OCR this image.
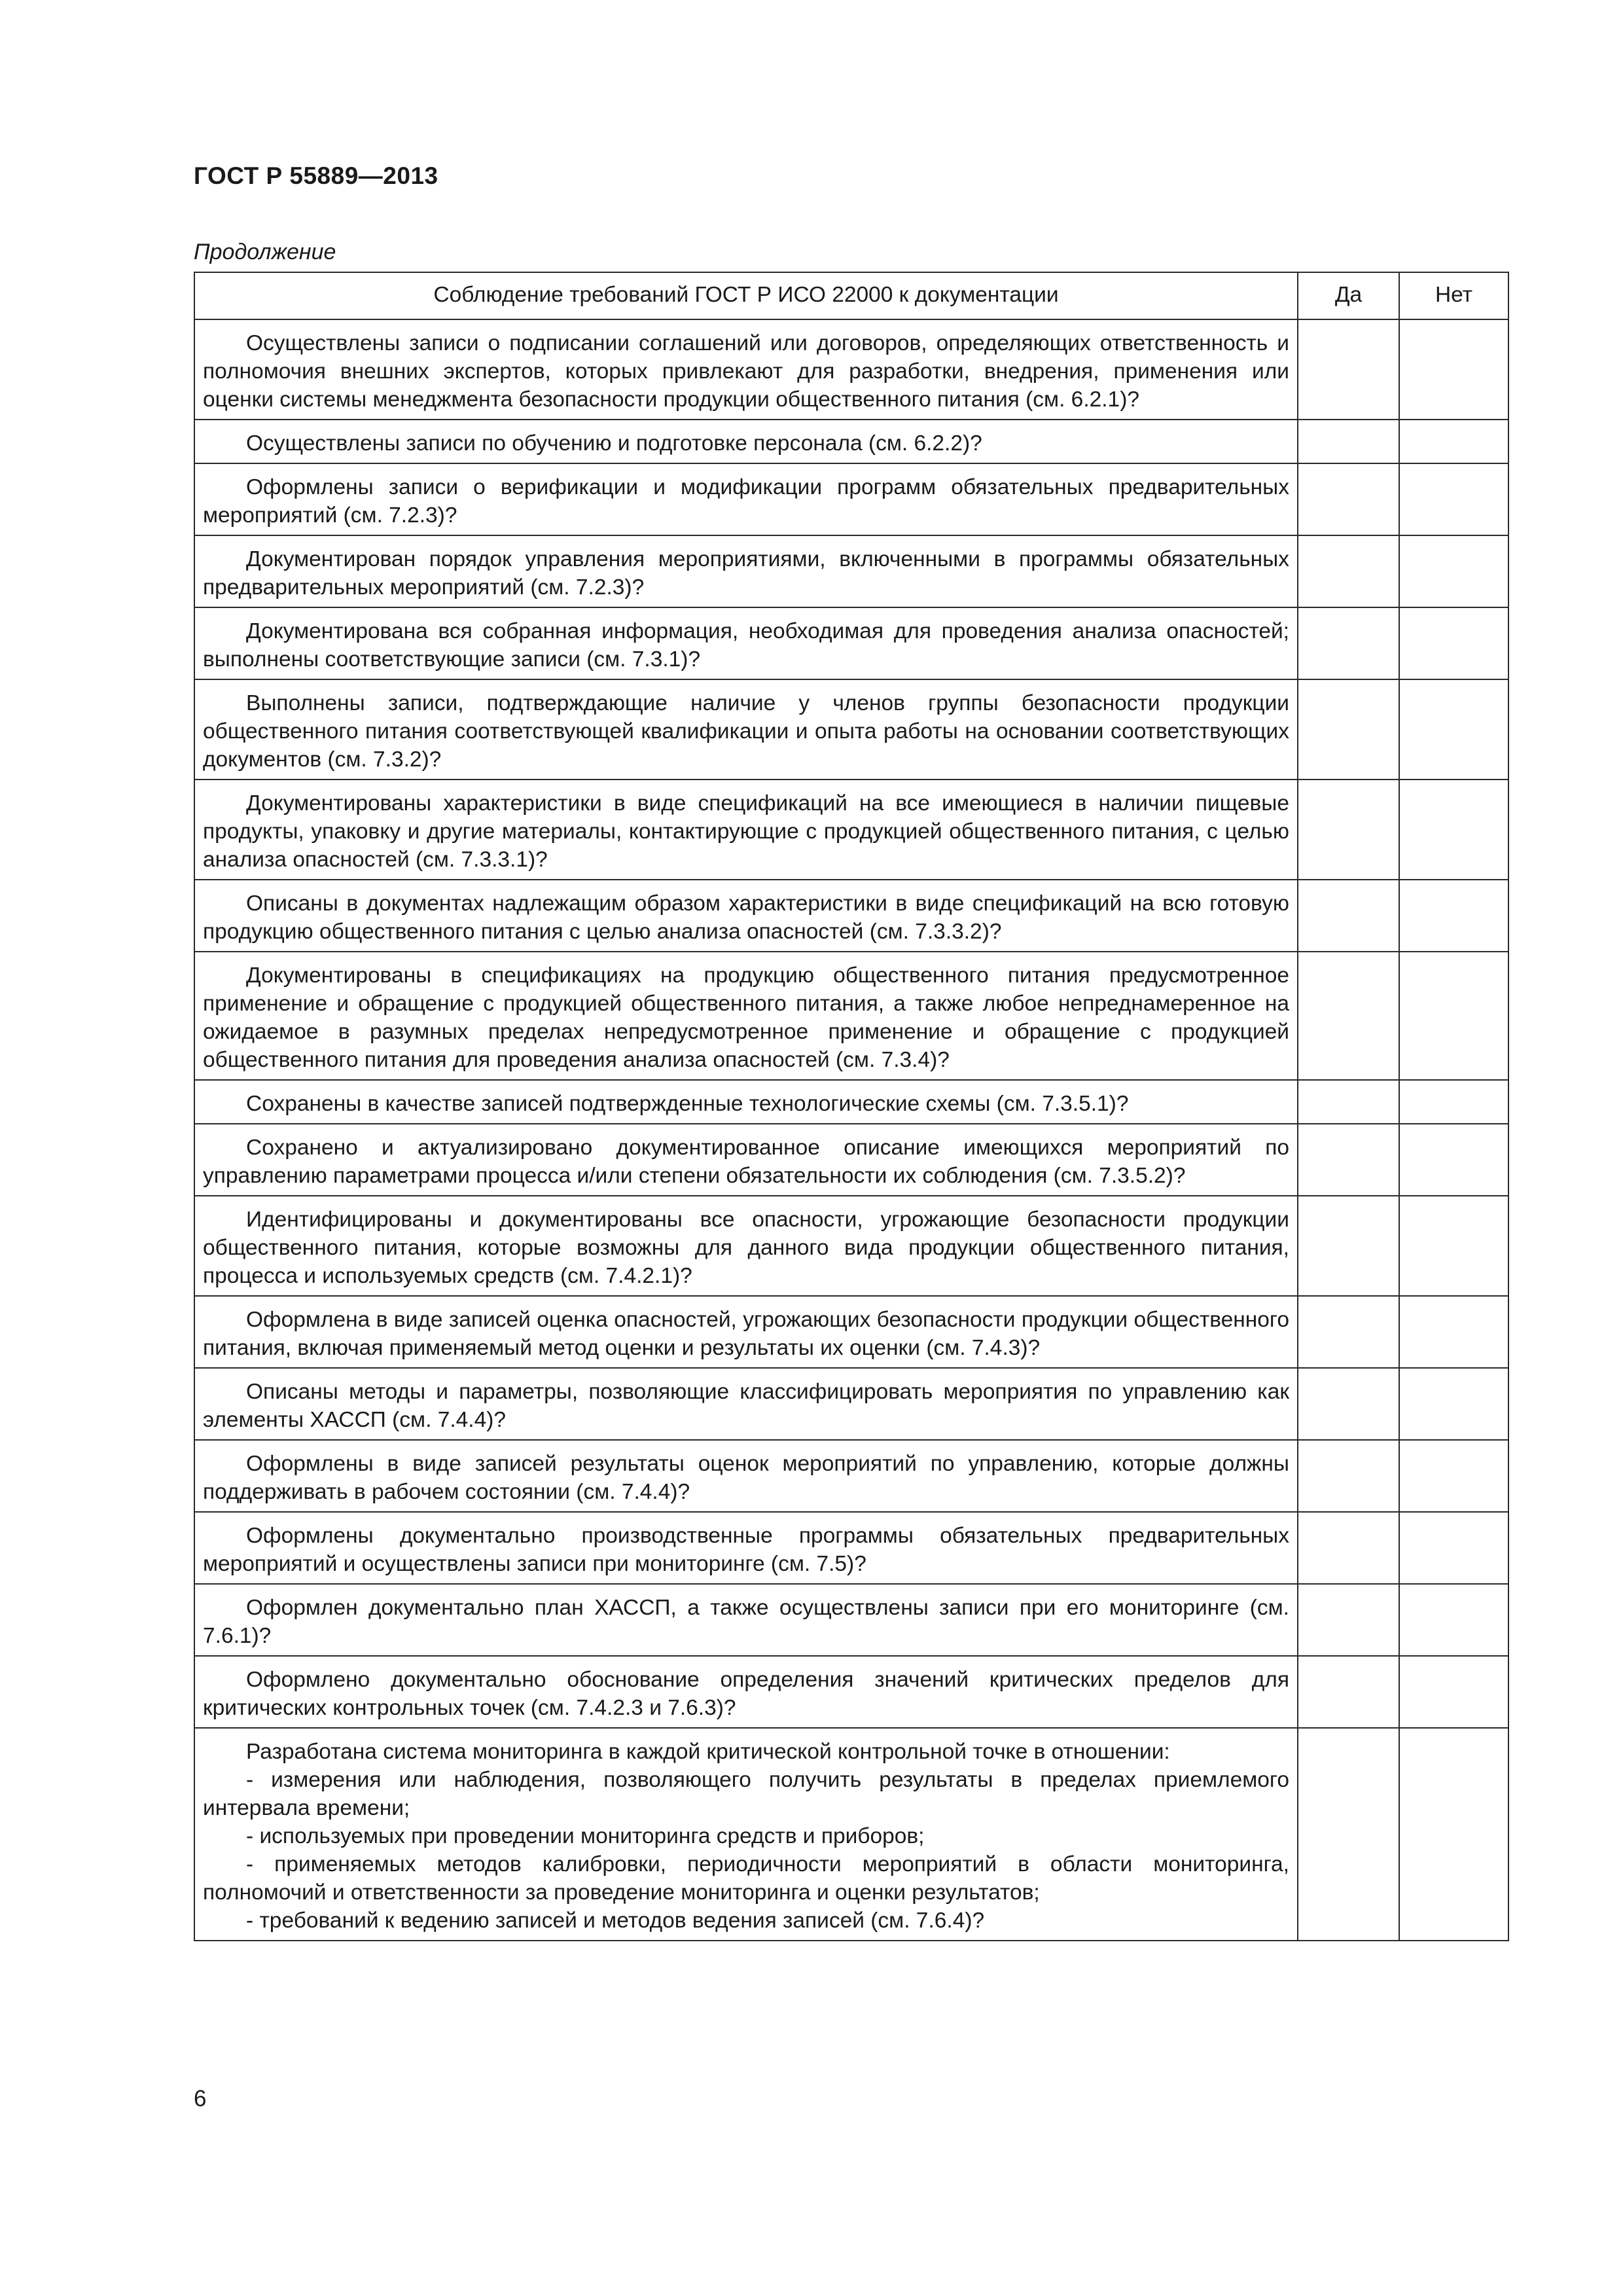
ГОСТ Р 55889—2013
Продолжение
Соблюдение требований ГОСТ Р ИСО 22000 к документации	Да	Нет

Осуществлены записи о подписании соглашений или договоров, определяющих ответственность и полномочия внешних экспертов, которых привлекают для разработки, внедрения, применения или оценки системы менеджмента безопасности продукции общественного питания (см. 6.2.1)?		

Осуществлены записи по обучению и подготовке персонала (см. 6.2.2)?		

Оформлены записи о верификации и модификации программ обязательных предварительных мероприятий (см. 7.2.3)?		

Документирован порядок управления мероприятиями, включенными в программы обязательных предварительных мероприятий (см. 7.2.3)?		

Документирована вся собранная информация, необходимая для проведения анализа опасностей; выполнены соответствующие записи (см. 7.3.1)?		

Выполнены записи, подтверждающие наличие у членов группы безопасности продукции общественного питания соответствующей квалификации и опыта работы на основании соответствующих документов (см. 7.3.2)?		

Документированы характеристики в виде спецификаций на все имеющиеся в наличии пищевые продукты, упаковку и другие материалы, контактирующие с продукцией общественного питания, с целью анализа опасностей (см. 7.3.3.1)?		

Описаны в документах надлежащим образом характеристики в виде спецификаций на всю готовую продукцию общественного питания с целью анализа опасностей (см. 7.3.3.2)?		

Документированы в спецификациях на продукцию общественного питания предусмотренное применение и обращение с продукцией общественного питания, а также любое непреднамеренное на ожидаемое в разумных пределах непредусмотренное применение и обращение с продукцией общественного питания для проведения анализа опасностей (см. 7.3.4)?		

Сохранены в качестве записей подтвержденные технологические схемы (см. 7.3.5.1)?		

Сохранено и актуализировано документированное описание имеющихся мероприятий по управлению параметрами процесса и/или степени обязательности их соблюдения (см. 7.3.5.2)?		

Идентифицированы и документированы все опасности, угрожающие безопасности продукции общественного питания, которые возможны для данного вида продукции общественного питания, процесса и используемых средств (см. 7.4.2.1)?		

Оформлена в виде записей оценка опасностей, угрожающих безопасности продукции общественного питания, включая применяемый метод оценки и результаты их оценки (см. 7.4.3)?		

Описаны методы и параметры, позволяющие классифицировать мероприятия по управлению как элементы ХАССП (см. 7.4.4)?		

Оформлены в виде записей результаты оценок мероприятий по управлению, которые должны поддерживать в рабочем состоянии (см. 7.4.4)?		

Оформлены документально производственные программы обязательных предварительных мероприятий и осуществлены записи при мониторинге (см. 7.5)?		

Оформлен документально план ХАССП, а также осуществлены записи при его мониторинге (см. 7.6.1)?		

Оформлено документально обоснование определения значений критических пределов для критических контрольных точек (см. 7.4.2.3 и 7.6.3)?		

Разработана система мониторинга в каждой критической контрольной точке в отношении:
- измерения или наблюдения, позволяющего получить результаты в пределах приемлемого интервала времени;
- используемых при проведении мониторинга средств и приборов;
- применяемых методов калибровки, периодичности мероприятий в области мониторинга, полномочий и ответственности за проведение мониторинга и оценки результатов;
- требований к ведению записей и методов ведения записей (см. 7.6.4)?		

6
